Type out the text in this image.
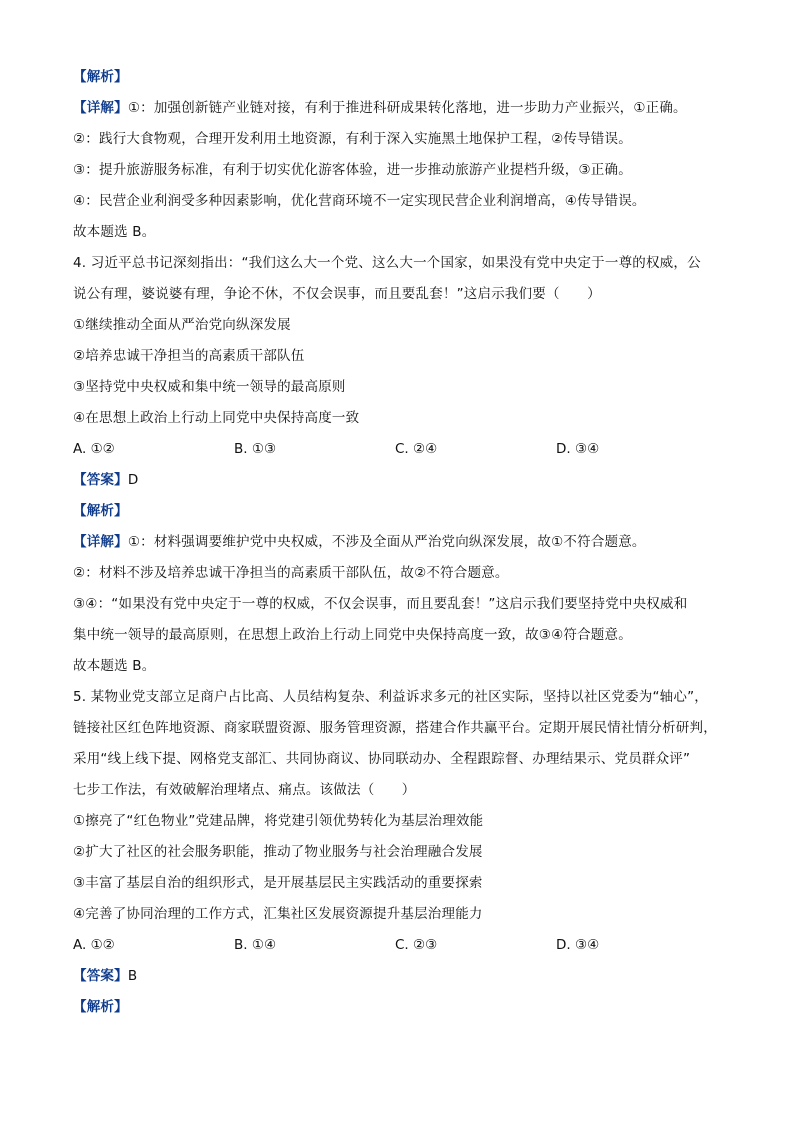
【解析】
【详解】①：加强创新链产业链对接，有利于推进科研成果转化落地，进一步助力产业振兴，①正确。
②：践行大食物观，合理开发利用土地资源，有利于深入实施黑土地保护工程，②传导错误。
③：提升旅游服务标准，有利于切实优化游客体验，进一步推动旅游产业提档升级，③正确。
④：民营企业利润受多种因素影响，优化营商环境不一定实现民营企业利润增高，④传导错误。
故本题选 B。
4. 习近平总书记深刻指出：“我们这么大一个党、这么大一个国家，如果没有党中央定于一尊的权威，公
说公有理，婆说婆有理，争论不休，不仅会误事，而且要乱套！”这启示我们要（　　）
①继续推动全面从严治党向纵深发展
②培养忠诚干净担当的高素质干部队伍
③坚持党中央权威和集中统一领导的最高原则
④在思想上政治上行动上同党中央保持高度一致
A. ①②	B. ①③	C. ②④	D. ③④
【答案】D
【解析】
【详解】①：材料强调要维护党中央权威，不涉及全面从严治党向纵深发展，故①不符合题意。
②：材料不涉及培养忠诚干净担当的高素质干部队伍，故②不符合题意。
③④：“如果没有党中央定于一尊的权威，不仅会误事，而且要乱套！”这启示我们要坚持党中央权威和
集中统一领导的最高原则，在思想上政治上行动上同党中央保持高度一致，故③④符合题意。
故本题选 B。
5. 某物业党支部立足商户占比高、人员结构复杂、利益诉求多元的社区实际，坚持以社区党委为“轴心”，
链接社区红色阵地资源、商家联盟资源、服务管理资源，搭建合作共赢平台。定期开展民情社情分析研判，
采用“线上线下提、网格党支部汇、共同协商议、协同联动办、全程跟踪督、办理结果示、党员群众评”
七步工作法，有效破解治理堵点、痛点。该做法（　　）
①擦亮了“红色物业”党建品牌，将党建引领优势转化为基层治理效能
②扩大了社区的社会服务职能，推动了物业服务与社会治理融合发展
③丰富了基层自治的组织形式，是开展基层民主实践活动的重要探索
④完善了协同治理的工作方式，汇集社区发展资源提升基层治理能力
A. ①②	B. ①④	C. ②③	D. ③④
【答案】B
【解析】
